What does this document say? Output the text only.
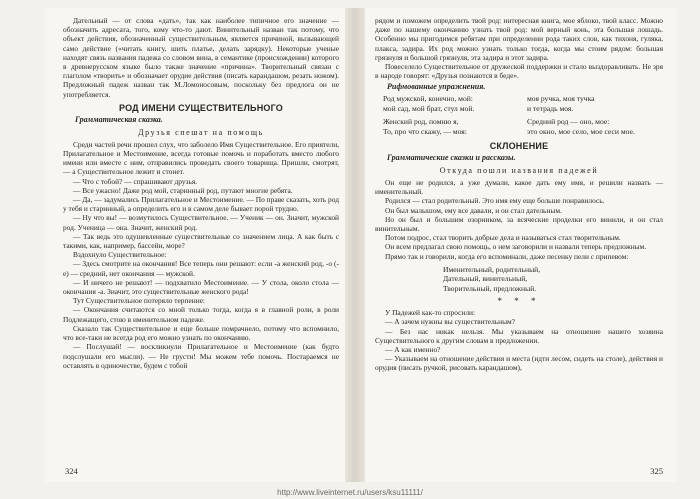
Дательный — от слова «дать», так как наиболее типичное его значение — обозначить адресата, того, кому что-то дают. Винительный назван так потому, что объект действия, обозначенный существительным, является причиной, вызывающей само действие («читать книгу, шить платье, делать зарядку). Некоторые ученые находят связь названия падежа со словом вина, в семантике (происхождении) которого в древнерусском языке было также значение «причина». Творительный связан с глаголом «творить» и обозначает орудие действия (писать карандашом, резать ножом). Предложный падеж назван так М.Ломоносовым, поскольку без предлога он не употребляется.

РОД ИМЕНИ СУЩЕСТВИТЕЛЬНОГО
Грамматическая сказка.
Друзья спешат на помощь

Среди частей речи прошел слух, что заболело Имя Существительное. Его приятели, Прилагательное и Местоимение, всегда готовые помочь и поработать вместо любого имени или вместе с ним, отправились проведать своего товарища. Пришли, смотрят, — а Существительное лежит и стонет.

— Что с тобой? — спрашивают друзья.

— Все ужасно! Даже род мой, старинный род, путают многие ребята.

— Да, — задумались Прилагательное и Местоимение. — По праве сказать, хоть род у тебя и старинный, а определить его и в самом деле бывает порой трудно.

— Ну что вы! — возмутилось Существительное. — Ученик — он. Значит, мужской род. Ученица — она. Значит, женский род.

— Так ведь это одушевленные существительные со значением лица. А как быть с такими, как, например, бассейн, море?

Вздохнуло Существительное:

— Здесь смотрите на окончания! Все теперь они решают: если -а женский род, -о (-е) — средний, нет окончания — мужской.

— И ничего не решают! — подхватило Местоимение. — У стола, около стола — окончания -а. Значит, это существительные женского рода!

Тут Существительное потеряло терпение:

— Окончания считаются со мной только тогда, когда я в главной роли, в роли Подлежащего, стою в именительном падеже.

Сказало так Существительное и еще больше помрачнело, потому что вспомнило, что все-таки не всегда род его можно узнать по окончанию.

— Послушай! — воскликнули Прилагательное и Местоимение (как будто подслушали его мысли). — Не грусти! Мы можем тебе помочь. Постараемся не оставлять в одиночестве, будем с тобой

324

рядом и поможем определить твой род: интересная книга, мое яблоко, твой класс. Можно даже по нашему окончанию узнать твой род: мой верный конь, эта большая лошадь. Особенно мы пригодимся ребятам при определении рода таких слов, как тихоня, гуляка, плакса, задира. Их род можно узнать только тогда, когда мы стоим рядом: большая грязнуля и большой грязнуля, эта задира и этот задира.

Повеселело Существительное от дружеской поддержки и стало выздоравливать. Не зря в народе говорят: «Друзья познаются в беде».

Рифмованные упражнения.
Род мужской, конечно, мой:	моя ручка, моя тучка
мой сад, мой брат, стул мой.	и тетрадь моя.
Женский род, помню я,	Средний род — оно, мое:
То, про что скажу, — моя:	это окно, мое село, мое сеси мое.
СКЛОНЕНИЕ
Грамматические сказки и рассказы.
Откуда пошли названия падежей

Он еще не родился, а уже думали, какое дать ему имя, и решили назвать — именительный.

Родился — стал родительный. Это имя ему еще больше понравилось.

Он был малышом, ему все давали, и он стал дательным.

Но он был и большим озорником, за всяческие проделки его винили, и он стал винительным.

Потом подрос, стал творить добрые дела и называться стал творительным.

Он всем предлагал свою помощь, о нем заговорили и назвали теперь предложным.

Прямо так и говорили, когда его вспоминали, даже песенку пели с припевом:

Именительный, родительный,
Дательный, винительный,
Творительный, предложный.
* * *

У Падежей как-то спросили:

— А зачем нужны вы существительным?

— Без нас никак нельзя. Мы указываем на отношение нашего хозяина Существительного к другим словам в предложении.

— А как именно?

— Указываем на отношение действия и места (идти лесом, сидеть на столе), действия и орудия (писать ручкой, рисовать карандашом),

325
http://www.liveinternet.ru/users/ksu11111/
